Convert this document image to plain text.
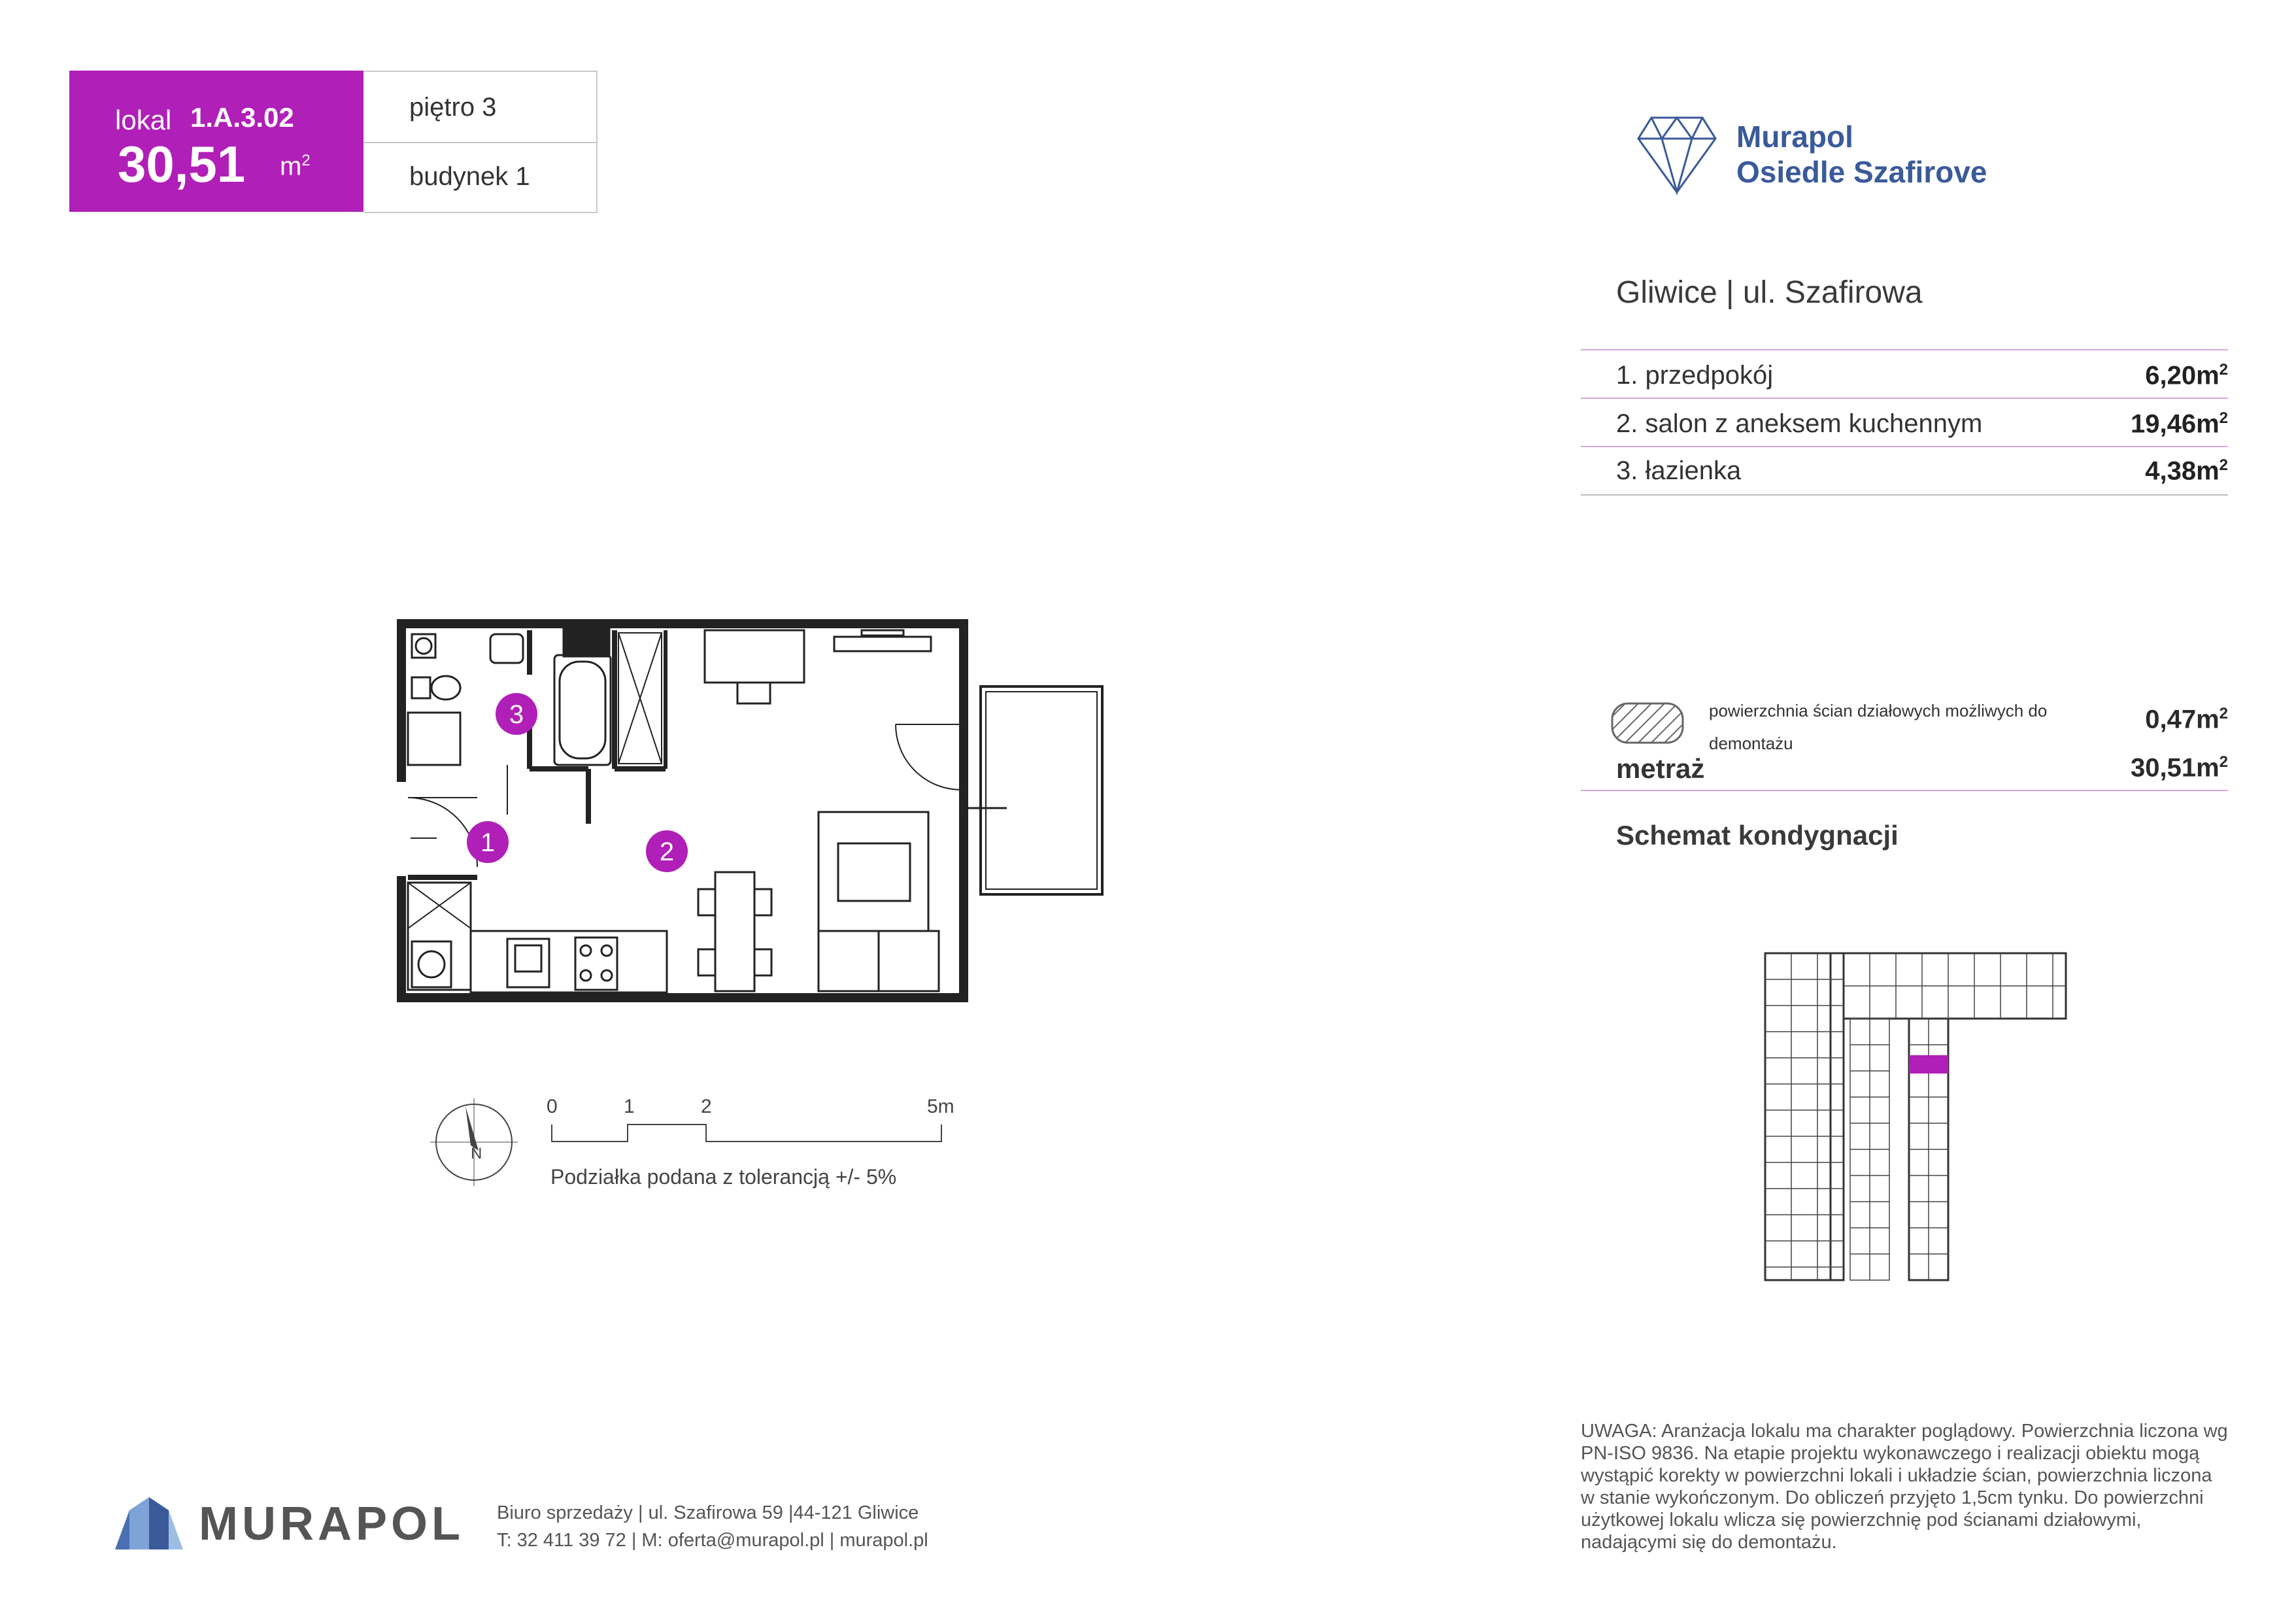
lokal 1.A.3.02
30,51 $m^2$
piętro 3
budynek 1
Murapol
Osiedle Szafirove
Gliwice | ul. Szafirowa
1. przedpokój	$6,20m^2$
2. salon z aneksem kuchennym	$19,46m^2$
3. łazienka	$4,38m^2$
powierzchnia ścian działowych możliwych do demontażu
$0,47m^2$
metraż	$30,51m^2$
Schemat kondygnacji
1	2
3
N
0	1	2	5m
Podziałka podana z tolerancją +/- 5%
UWAGA: Aranżacja lokalu ma charakter poglądowy. Powierzchnia liczona wg PN-ISO 9836. Na etapie projektu wykonawczego i realizacji obiektu mogą wystąpić korekty w powierzchni lokali i układzie ścian, powierzchnia liczona w stanie wykończonym. Do obliczeń przyjęto 1,5cm tynku. Do powierzchni użytkowej lokalu wlicza się powierzchnię pod ścianami działowymi, nadającymi się do demontażu.
MURAPOL Biuro sprzedaży | ul. Szafirowa 59 |44-121 Gliwice
T: 32 411 39 72 | M: oferta@murapol.pl | murapol.pl
